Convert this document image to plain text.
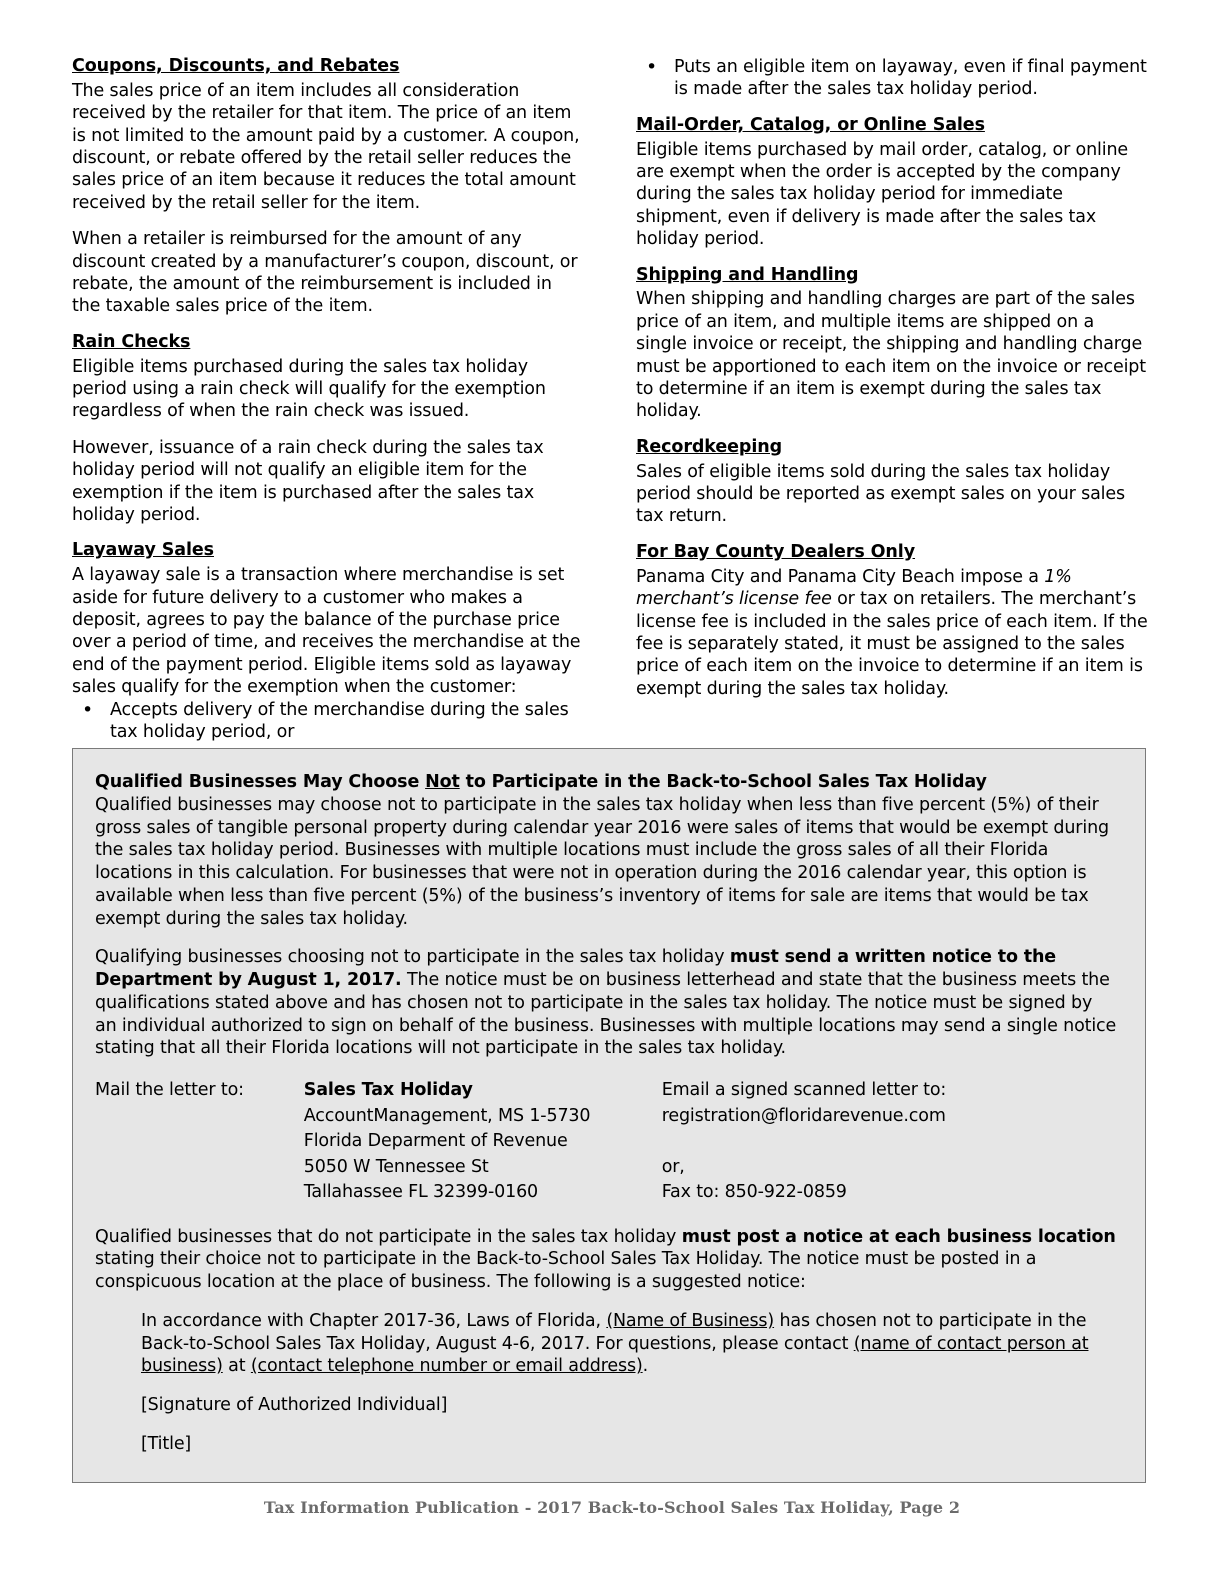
Coupons, Discounts, and Rebates

The sales price of an item includes all consideration received by the retailer for that item. The price of an item is not limited to the amount paid by a customer. A coupon, discount, or rebate offered by the retail seller reduces the sales price of an item because it reduces the total amount received by the retail seller for the item.

When a retailer is reimbursed for the amount of any discount created by a manufacturer’s coupon, discount, or rebate, the amount of the reimbursement is included in the taxable sales price of the item.

Rain Checks

Eligible items purchased during the sales tax holiday period using a rain check will qualify for the exemption regardless of when the rain check was issued.

However, issuance of a rain check during the sales tax holiday period will not qualify an eligible item for the exemption if the item is purchased after the sales tax holiday period.

Layaway Sales

A layaway sale is a transaction where merchandise is set aside for future delivery to a customer who makes a deposit, agrees to pay the balance of the purchase price over a period of time, and receives the merchandise at the end of the payment period. Eligible items sold as layaway sales qualify for the exemption when the customer:

• Accepts delivery of the merchandise during the sales tax holiday period, or
• Puts an eligible item on layaway, even if final payment is made after the sales tax holiday period.
Mail-Order, Catalog, or Online Sales

Eligible items purchased by mail order, catalog, or online are exempt when the order is accepted by the company during the sales tax holiday period for immediate shipment, even if delivery is made after the sales tax holiday period.

Shipping and Handling

When shipping and handling charges are part of the sales price of an item, and multiple items are shipped on a single invoice or receipt, the shipping and handling charge must be apportioned to each item on the invoice or receipt to determine if an item is exempt during the sales tax holiday.

Recordkeeping

Sales of eligible items sold during the sales tax holiday period should be reported as exempt sales on your sales tax return.

For Bay County Dealers Only

Panama City and Panama City Beach impose a 1% merchant’s license fee or tax on retailers. The merchant’s license fee is included in the sales price of each item. If the fee is separately stated, it must be assigned to the sales price of each item on the invoice to determine if an item is exempt during the sales tax holiday.

Qualified Businesses May Choose Not to Participate in the Back-to-School Sales Tax Holiday

Qualified businesses may choose not to participate in the sales tax holiday when less than five percent (5%) of their gross sales of tangible personal property during calendar year 2016 were sales of items that would be exempt during the sales tax holiday period. Businesses with multiple locations must include the gross sales of all their Florida locations in this calculation. For businesses that were not in operation during the 2016 calendar year, this option is available when less than five percent (5%) of the business’s inventory of items for sale are items that would be tax exempt during the sales tax holiday.

Qualifying businesses choosing not to participate in the sales tax holiday must send a written notice to the Department by August 1, 2017. The notice must be on business letterhead and state that the business meets the qualifications stated above and has chosen not to participate in the sales tax holiday. The notice must be signed by an individual authorized to sign on behalf of the business. Businesses with multiple locations may send a single notice stating that all their Florida locations will not participate in the sales tax holiday.

Mail the letter to:	Sales Tax Holiday
AccountManagement, MS 1-5730
Florida Deparment of Revenue
5050 W Tennessee St
Tallahassee FL 32399-0160
Email a signed scanned letter to:
registration@floridarevenue.com

or,
Fax to: 850-922-0859

Qualified businesses that do not participate in the sales tax holiday must post a notice at each business location stating their choice not to participate in the Back-to-School Sales Tax Holiday. The notice must be posted in a conspicuous location at the place of business. The following is a suggested notice:

In accordance with Chapter 2017-36, Laws of Florida, (Name of Business) has chosen not to participate in the Back-to-School Sales Tax Holiday, August 4-6, 2017. For questions, please contact (name of contact person at business) at (contact telephone number or email address).

[Signature of Authorized Individual]

[Title]

Tax Information Publication - 2017 Back-to-School Sales Tax Holiday, Page 2
